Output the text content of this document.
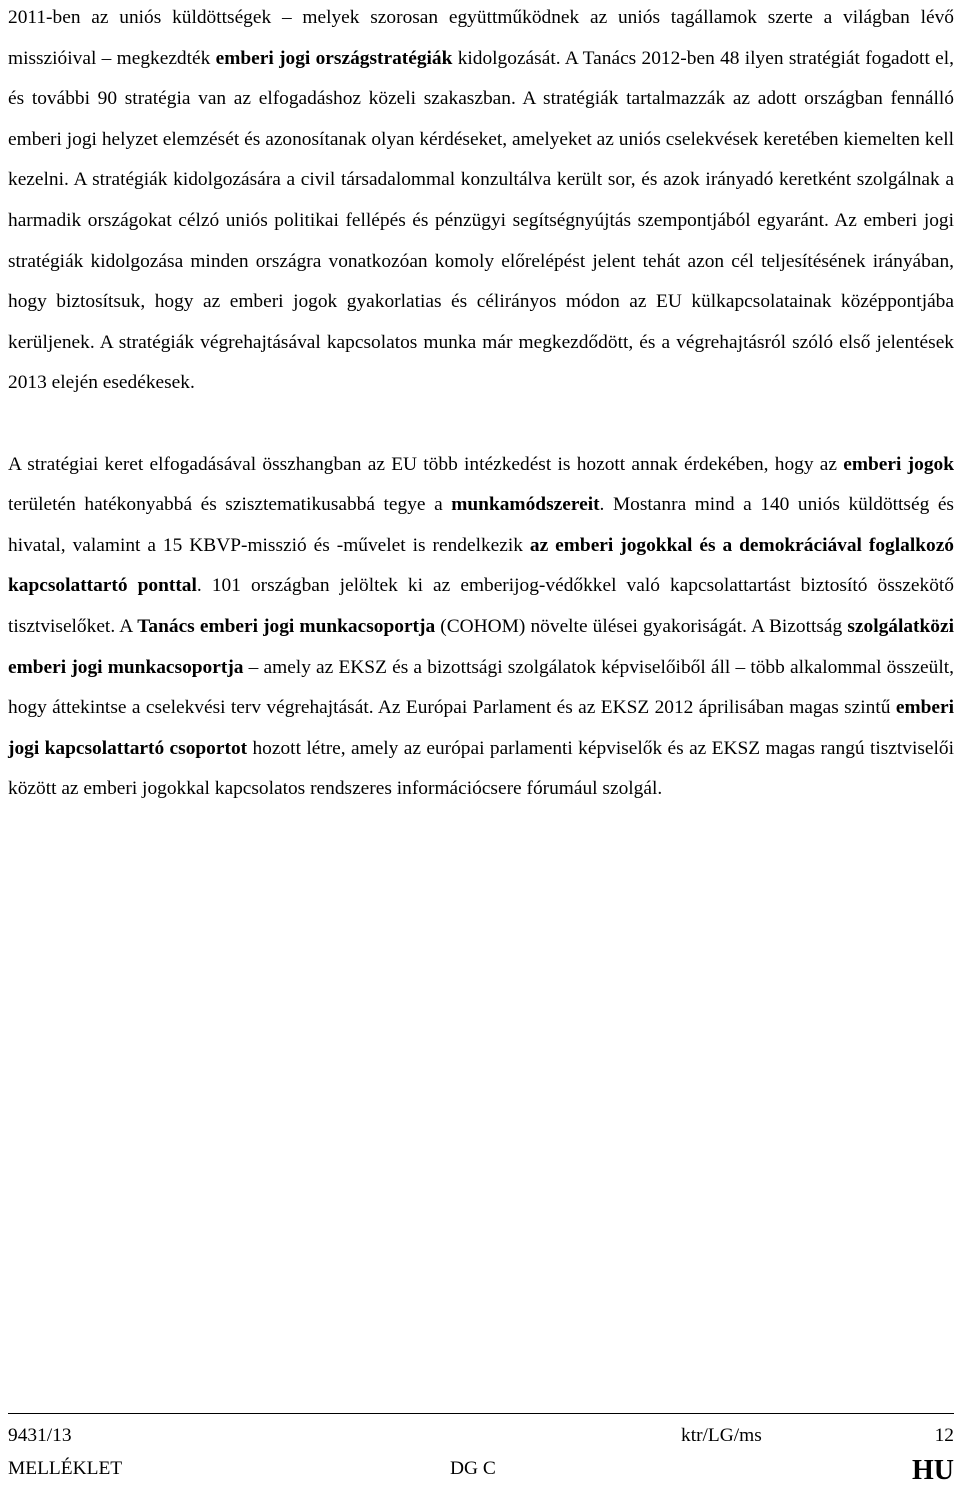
2011-ben az uniós küldöttségek – melyek szorosan együttműködnek az uniós tagállamok szerte a világban lévő misszióival – megkezdték emberi jogi országstratégiák kidolgozását. A Tanács 2012-ben 48 ilyen stratégiát fogadott el, és további 90 stratégia van az elfogadáshoz közeli szakaszban. A stratégiák tartalmazzák az adott országban fennálló emberi jogi helyzet elemzését és azonosítanak olyan kérdéseket, amelyeket az uniós cselekvések keretében kiemelten kell kezelni. A stratégiák kidolgozására a civil társadalommal konzultálva került sor, és azok irányadó keretként szolgálnak a harmadik országokat célzó uniós politikai fellépés és pénzügyi segítségnyújtás szempontjából egyaránt. Az emberi jogi stratégiák kidolgozása minden országra vonatkozóan komoly előrelépést jelent tehát azon cél teljesítésének irányában, hogy biztosítsuk, hogy az emberi jogok gyakorlatias és célirányos módon az EU külkapcsolatainak középpontjába kerüljenek. A stratégiák végrehajtásával kapcsolatos munka már megkezdődött, és a végrehajtásról szóló első jelentések 2013 elején esedékesek.

A stratégiai keret elfogadásával összhangban az EU több intézkedést is hozott annak érdekében, hogy az emberi jogok területén hatékonyabbá és szisztematikusabbá tegye a munkamódszereit. Mostanra mind a 140 uniós küldöttség és hivatal, valamint a 15 KBVP-misszió és -művelet is rendelkezik az emberi jogokkal és a demokráciával foglalkozó kapcsolattartó ponttal. 101 országban jelöltek ki az emberijog-védőkkel való kapcsolattartást biztosító összekötő tisztviselőket. A Tanács emberi jogi munkacsoportja (COHOM) növelte ülései gyakoriságát. A Bizottság szolgálatközi emberi jogi munkacsoportja – amely az EKSZ és a bizottsági szolgálatok képviselőiből áll – több alkalommal összeült, hogy áttekintse a cselekvési terv végrehajtását. Az Európai Parlament és az EKSZ 2012 áprilisában magas szintű emberi jogi kapcsolattartó csoportot hozott létre, amely az európai parlamenti képviselők és az EKSZ magas rangú tisztviselői között az emberi jogokkal kapcsolatos rendszeres információcsere fórumául szolgál.

9431/13	ktr/LG/ms	12
MELLÉKLET	DG C	HU
